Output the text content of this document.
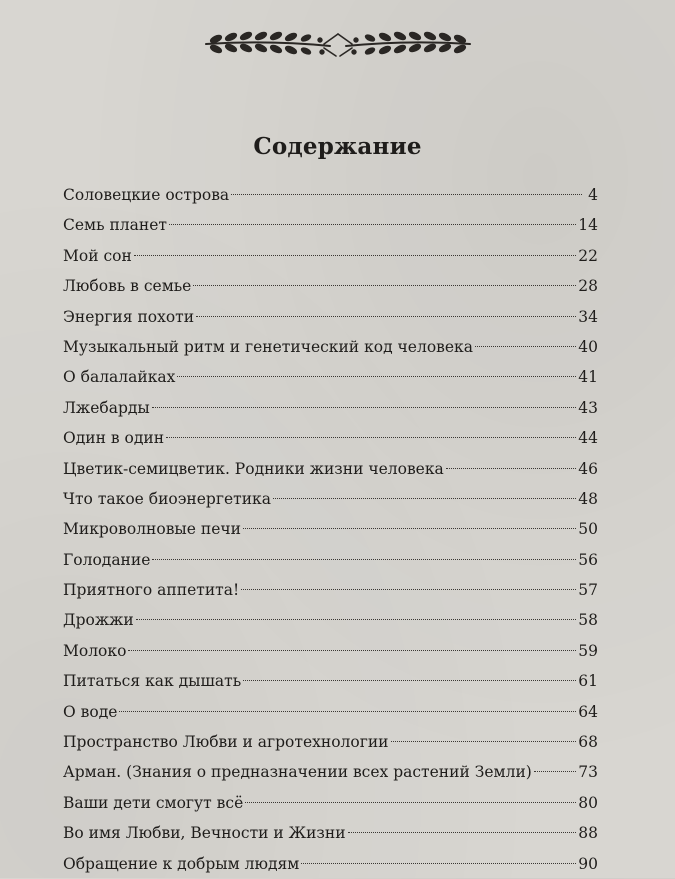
Содержание
Соловецкие острова	4
Семь планет	14
Мой сон	22
Любовь в семье	28
Энергия похоти	34
Музыкальный ритм и генетический код человека	40
О балалайках	41
Лжебарды	43
Один в один	44
Цветик-семицветик. Родники жизни человека	46
Что такое биоэнергетика	48
Микроволновые печи	50
Голодание	56
Приятного аппетита!	57
Дрожжи	58
Молоко	59
Питаться как дышать	61
О воде	64
Пространство Любви и агротехнологии	68
Арман. (Знания о предназначении всех растений Земли)	73
Ваши дети смогут всё	80
Во имя Любви, Вечности и Жизни	88
Обращение к добрым людям	90
